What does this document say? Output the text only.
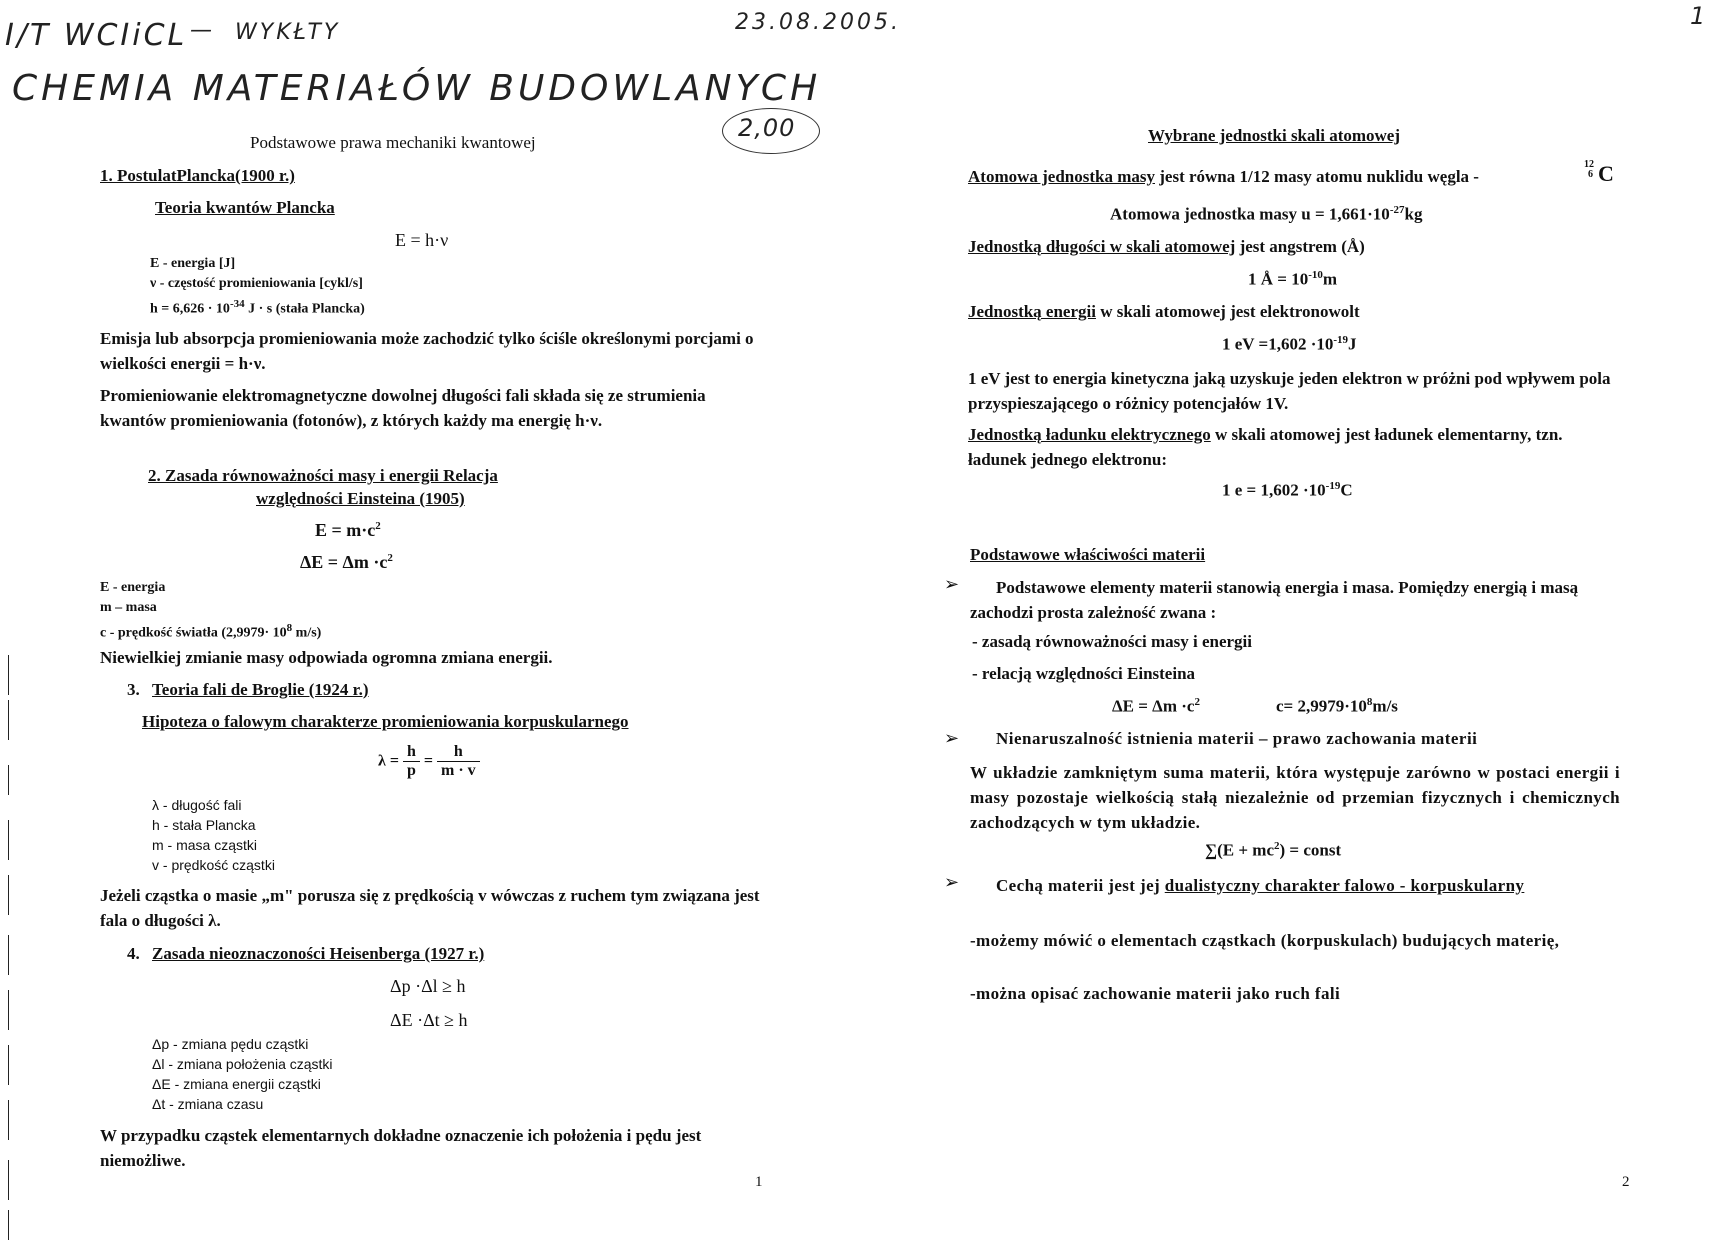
I/T WCIiCL — WYKŁTY	23.08.2005.
CHEMIA MATERIAŁÓW BUDOWLANYCH
2,00
1
Podstawowe prawa mechaniki kwantowej
1. PostulatPlancka(1900 r.)
Teoria kwantów Plancka
E = h·ν
E - energia [J]
ν - częstość promieniowania [cykl/s]
$h = 6,626 \cdot 10^{-34}$ J · s (stała Plancka)
Emisja lub absorpcja promieniowania może zachodzić tylko ściśle określonymi porcjami o wielkości energii = h·ν.
Promieniowanie elektromagnetyczne dowolnej długości fali składa się ze strumienia kwantów promieniowania (fotonów), z których każdy ma energię h·ν.
2. Zasada równoważności masy i energii Relacja
względności Einsteina (1905)
$E = m\cdot c^2$
$\Delta E = \Delta m \cdot c^2$
E - energia
m – masa
c - prędkość światła ($2,9979\cdot 10^8$ m/s)
Niewielkiej zmianie masy odpowiada ogromna zmiana energii.
3. Teoria fali de Broglie (1924 r.)
Hipoteza o falowym charakterze promieniowania korpuskularnego
$\lambda = \frac{h}{p} = \frac{h}{m \cdot v}$
λ - długość fali
h - stała Plancka
m - masa cząstki
v - prędkość cząstki
Jeżeli cząstka o masie „m" porusza się z prędkością v wówczas z ruchem tym związana jest fala o długości λ.
4. Zasada nieoznaczoności Heisenberga (1927 r.)
Δp ·Δl ≥ h
ΔE ·Δt ≥ h
Δp - zmiana pędu cząstki
Δl - zmiana położenia cząstki
ΔE - zmiana energii cząstki
Δt - zmiana czasu
W przypadku cząstek elementarnych dokładne oznaczenie ich położenia i pędu jest niemożliwe.
1
Wybrane jednostki skali atomowej
Atomowa jednostka masy jest równa 1/12 masy atomu nuklidu węgla -
12
6 C
Atomowa jednostka masy $u = 1,661\cdot 10^{-27}kg$
Jednostką długości w skali atomowej jest angstrem (Å)
1 Å = $10^{-10}m$
Jednostką energii w skali atomowej jest elektronowolt
1 eV $=1,602 \cdot 10^{-19}J$
1 eV jest to energia kinetyczna jaką uzyskuje jeden elektron w próżni pod wpływem pola przyspieszającego o różnicy potencjałów 1V.
Jednostką ładunku elektrycznego w skali atomowej jest ładunek elementarny, tzn. ładunek jednego elektronu:
1 $e = 1,602 \cdot 10^{-19}C$
Podstawowe właściwości materii
➢	Podstawowe elementy materii stanowią energia i masa. Pomiędzy energią i masą zachodzi prosta zależność zwana :
- zasadą równoważności masy i energii
- relacją względności Einsteina
$\Delta E = \Delta m \cdot c^2$	$c= 2,9979\cdot 10^8m/s$
➢ Nienaruszalność istnienia materii – prawo zachowania materii
W układzie zamkniętym suma materii, która występuje zarówno w postaci energii i masy pozostaje wielkością stałą niezależnie od przemian fizycznych i chemicznych zachodzących w tym układzie.
$\sum(E + mc^2)$ = const
➢	Cechą materii jest jej dualistyczny charakter falowo - korpuskularny
-możemy mówić o elementach cząstkach (korpuskulach) budujących materię,
-można opisać zachowanie materii jako ruch fali
2
